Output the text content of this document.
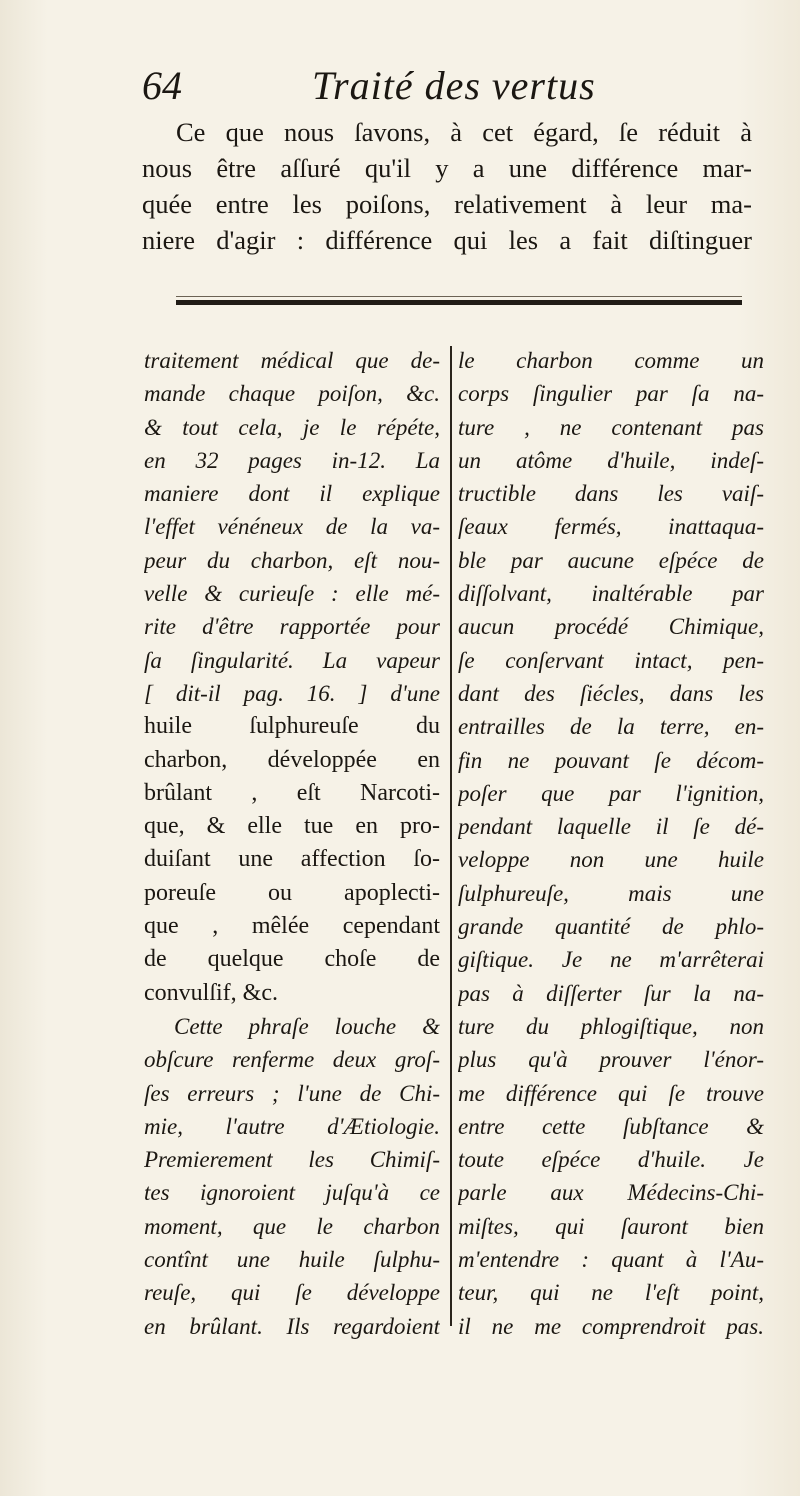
64	Traité des vertus
Ce que nous ſavons, à cet égard, ſe réduit à
nous être aſſuré qu'il y a une différence mar-
quée entre les poiſons, relativement à leur ma-
niere d'agir : différence qui les a fait diſtinguer
traitement médical que de-
mande chaque poiſon, &c.
& tout cela, je le répéte,
en 32 pages in-12. La
maniere dont il explique
l'effet vénéneux de la va-
peur du charbon, eſt nou-
velle & curieuſe : elle mé-
rite d'être rapportée pour
ſa ſingularité. La vapeur
[ dit-il pag. 16. ] d'une
huile ſulphureuſe du
charbon, développée en
brûlant , eſt Narcoti-
que, & elle tue en pro-
duiſant une affection ſo-
poreuſe ou apoplecti-
que , mêlée cependant
de quelque choſe de
convulſif, &c.
Cette phraſe louche &
obſcure renferme deux groſ-
ſes erreurs ; l'une de Chi-
mie, l'autre d'Ætiologie.
Premierement les Chimiſ-
tes ignoroient juſqu'à ce
moment, que le charbon
contînt une huile ſulphu-
reuſe, qui ſe développe
en brûlant. Ils regardoient
le charbon comme un
corps ſingulier par ſa na-
ture , ne contenant pas
un atôme d'huile, indeſ-
tructible dans les vaiſ-
ſeaux fermés, inattaqua-
ble par aucune eſpéce de
diſſolvant, inaltérable par
aucun procédé Chimique,
ſe conſervant intact, pen-
dant des ſiécles, dans les
entrailles de la terre, en-
fin ne pouvant ſe décom-
poſer que par l'ignition,
pendant laquelle il ſe dé-
veloppe non une huile
ſulphureuſe, mais une
grande quantité de phlo-
giſtique. Je ne m'arrêterai
pas à diſſerter ſur la na-
ture du phlogiſtique, non
plus qu'à prouver l'énor-
me différence qui ſe trouve
entre cette ſubſtance &
toute eſpéce d'huile. Je
parle aux Médecins-Chi-
miſtes, qui ſauront bien
m'entendre : quant à l'Au-
teur, qui ne l'eſt point,
il ne me comprendroit pas.
